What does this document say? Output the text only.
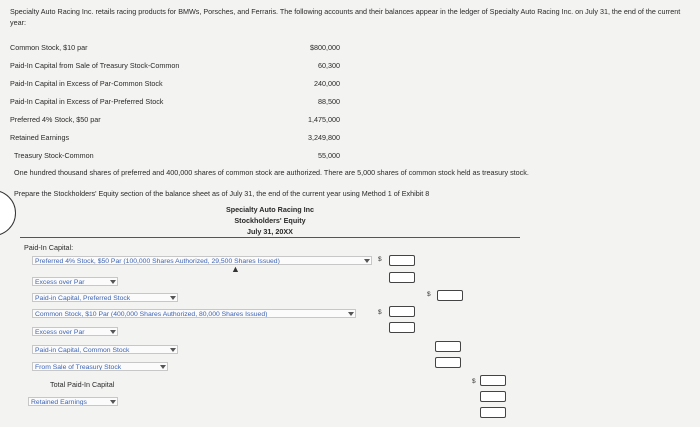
Specialty Auto Racing Inc. retails racing products for BMWs, Porsches, and Ferraris. The following accounts and their balances appear in the ledger of Specialty Auto Racing Inc. on July 31, the end of the current year:
Common Stock, $10 par	$800,000
Paid-In Capital from Sale of Treasury Stock-Common	60,300
Paid-In Capital in Excess of Par-Common Stock	240,000
Paid-In Capital in Excess of Par-Preferred Stock	88,500
Preferred 4% Stock, $50 par	1,475,000
Retained Earnings	3,249,800
Treasury Stock-Common	55,000
One hundred thousand shares of preferred and 400,000 shares of common stock are authorized. There are 5,000 shares of common stock held as treasury stock.
Prepare the Stockholders' Equity section of the balance sheet as of July 31, the end of the current year using Method 1 of Exhibit 8
Specialty Auto Racing Inc
Stockholders' Equity
July 31, 20XX
Paid-In Capital:
Preferred 4% Stock, $50 Par (100,000 Shares Authorized, 29,500 Shares Issued)	$
Excess over Par
▲
Paid-in Capital, Preferred Stock
$
Common Stock, $10 Par (400,000 Shares Authorized, 80,000 Shares Issued)	$
Excess over Par
Paid-in Capital, Common Stock
From Sale of Treasury Stock
Total Paid-In Capital	$
Retained Earnings
